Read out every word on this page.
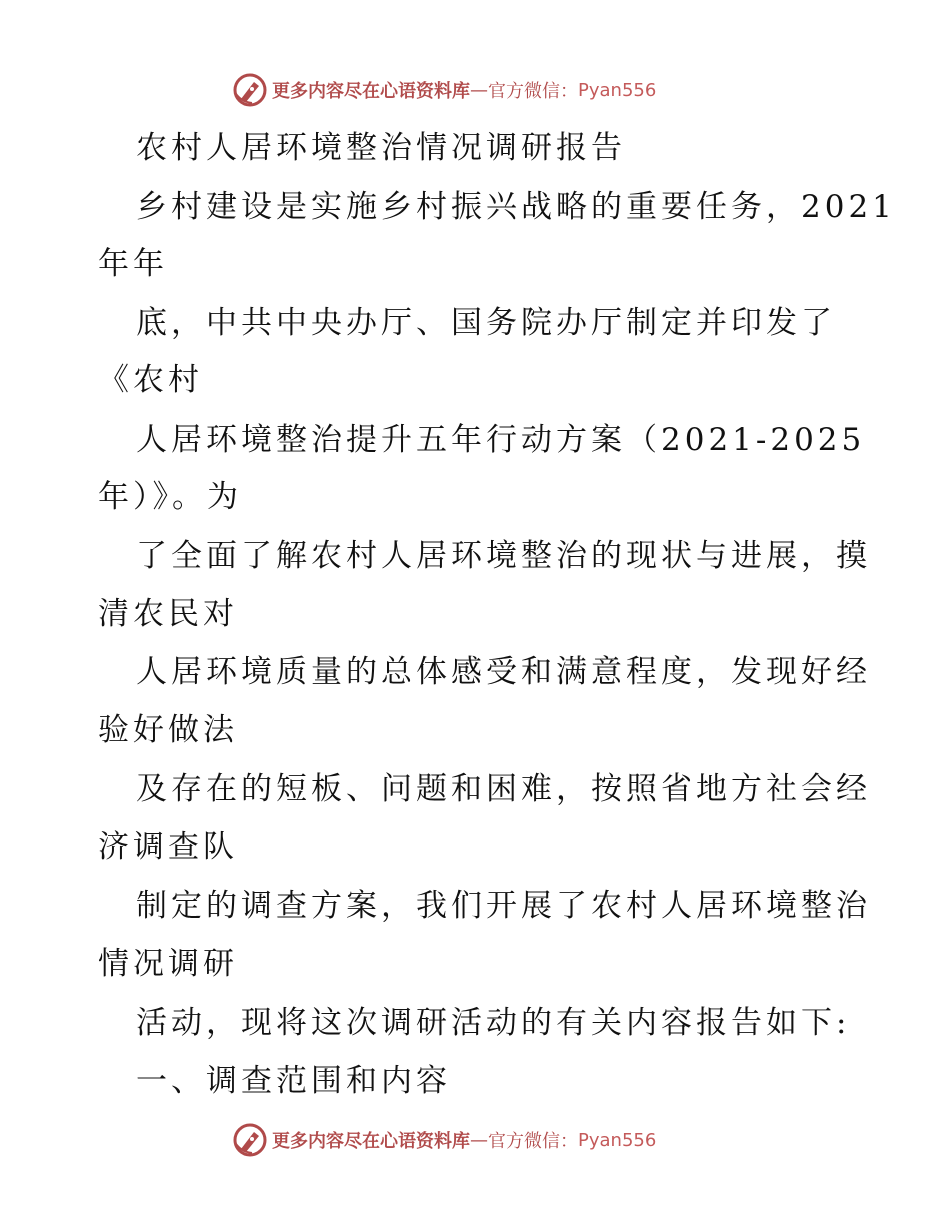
更多内容尽在心语资料库 — 官方微信： Pyan556
农村人居环境整治情况调研报告
乡村建设是实施乡村振兴战略的重要任务，2021
年年
底，中共中央办厅、国务院办厅制定并印发了
《农村
人居环境整治提升五年行动方案（2021-2025
年）》。为
了全面了解农村人居环境整治的现状与进展，摸
清农民对
人居环境质量的总体感受和满意程度，发现好经
验好做法
及存在的短板、问题和困难，按照省地方社会经
济调查队
制定的调查方案，我们开展了农村人居环境整治
情况调研
活动，现将这次调研活动的有关内容报告如下:
一、调查范围和内容
更多内容尽在心语资料库 — 官方微信： Pyan556
